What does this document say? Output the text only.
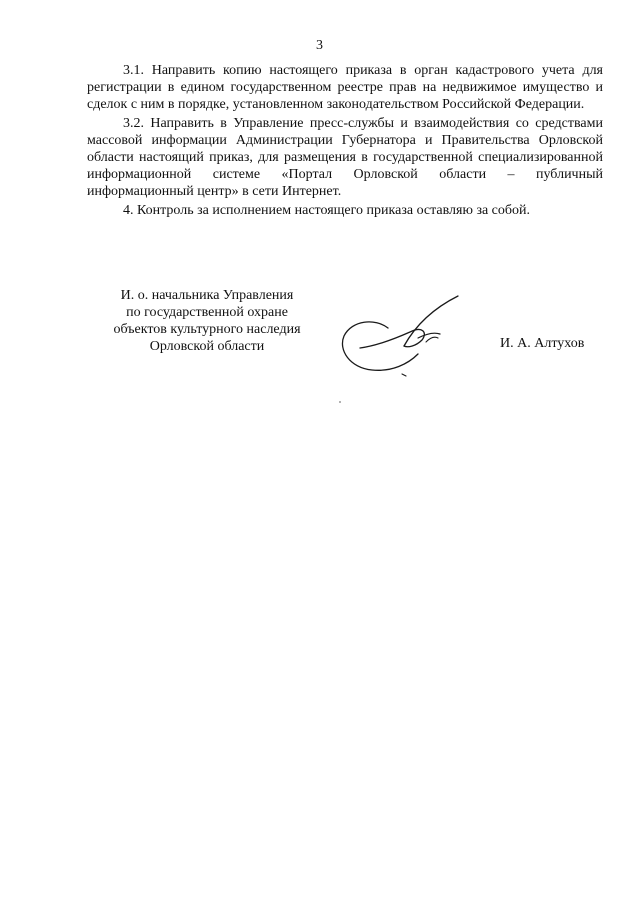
3

3.1. Направить копию настоящего приказа в орган кадастрового учета для регистрации в едином государственном реестре прав на недвижимое имущество и сделок с ним в порядке, установленном законодательством Российской Федерации.

3.2. Направить в Управление пресс-службы и взаимодействия со средствами массовой информации Администрации Губернатора и Правительства Орловской области настоящий приказ, для размещения в государственной специализированной информационной системе «Портал Орловской области – публичный информационный центр» в сети Интернет.

4. Контроль за исполнением настоящего приказа оставляю за собой.

И. о. начальника Управления
по государственной охране
объектов культурного наследия
Орловской области	И. А. Алтухов
